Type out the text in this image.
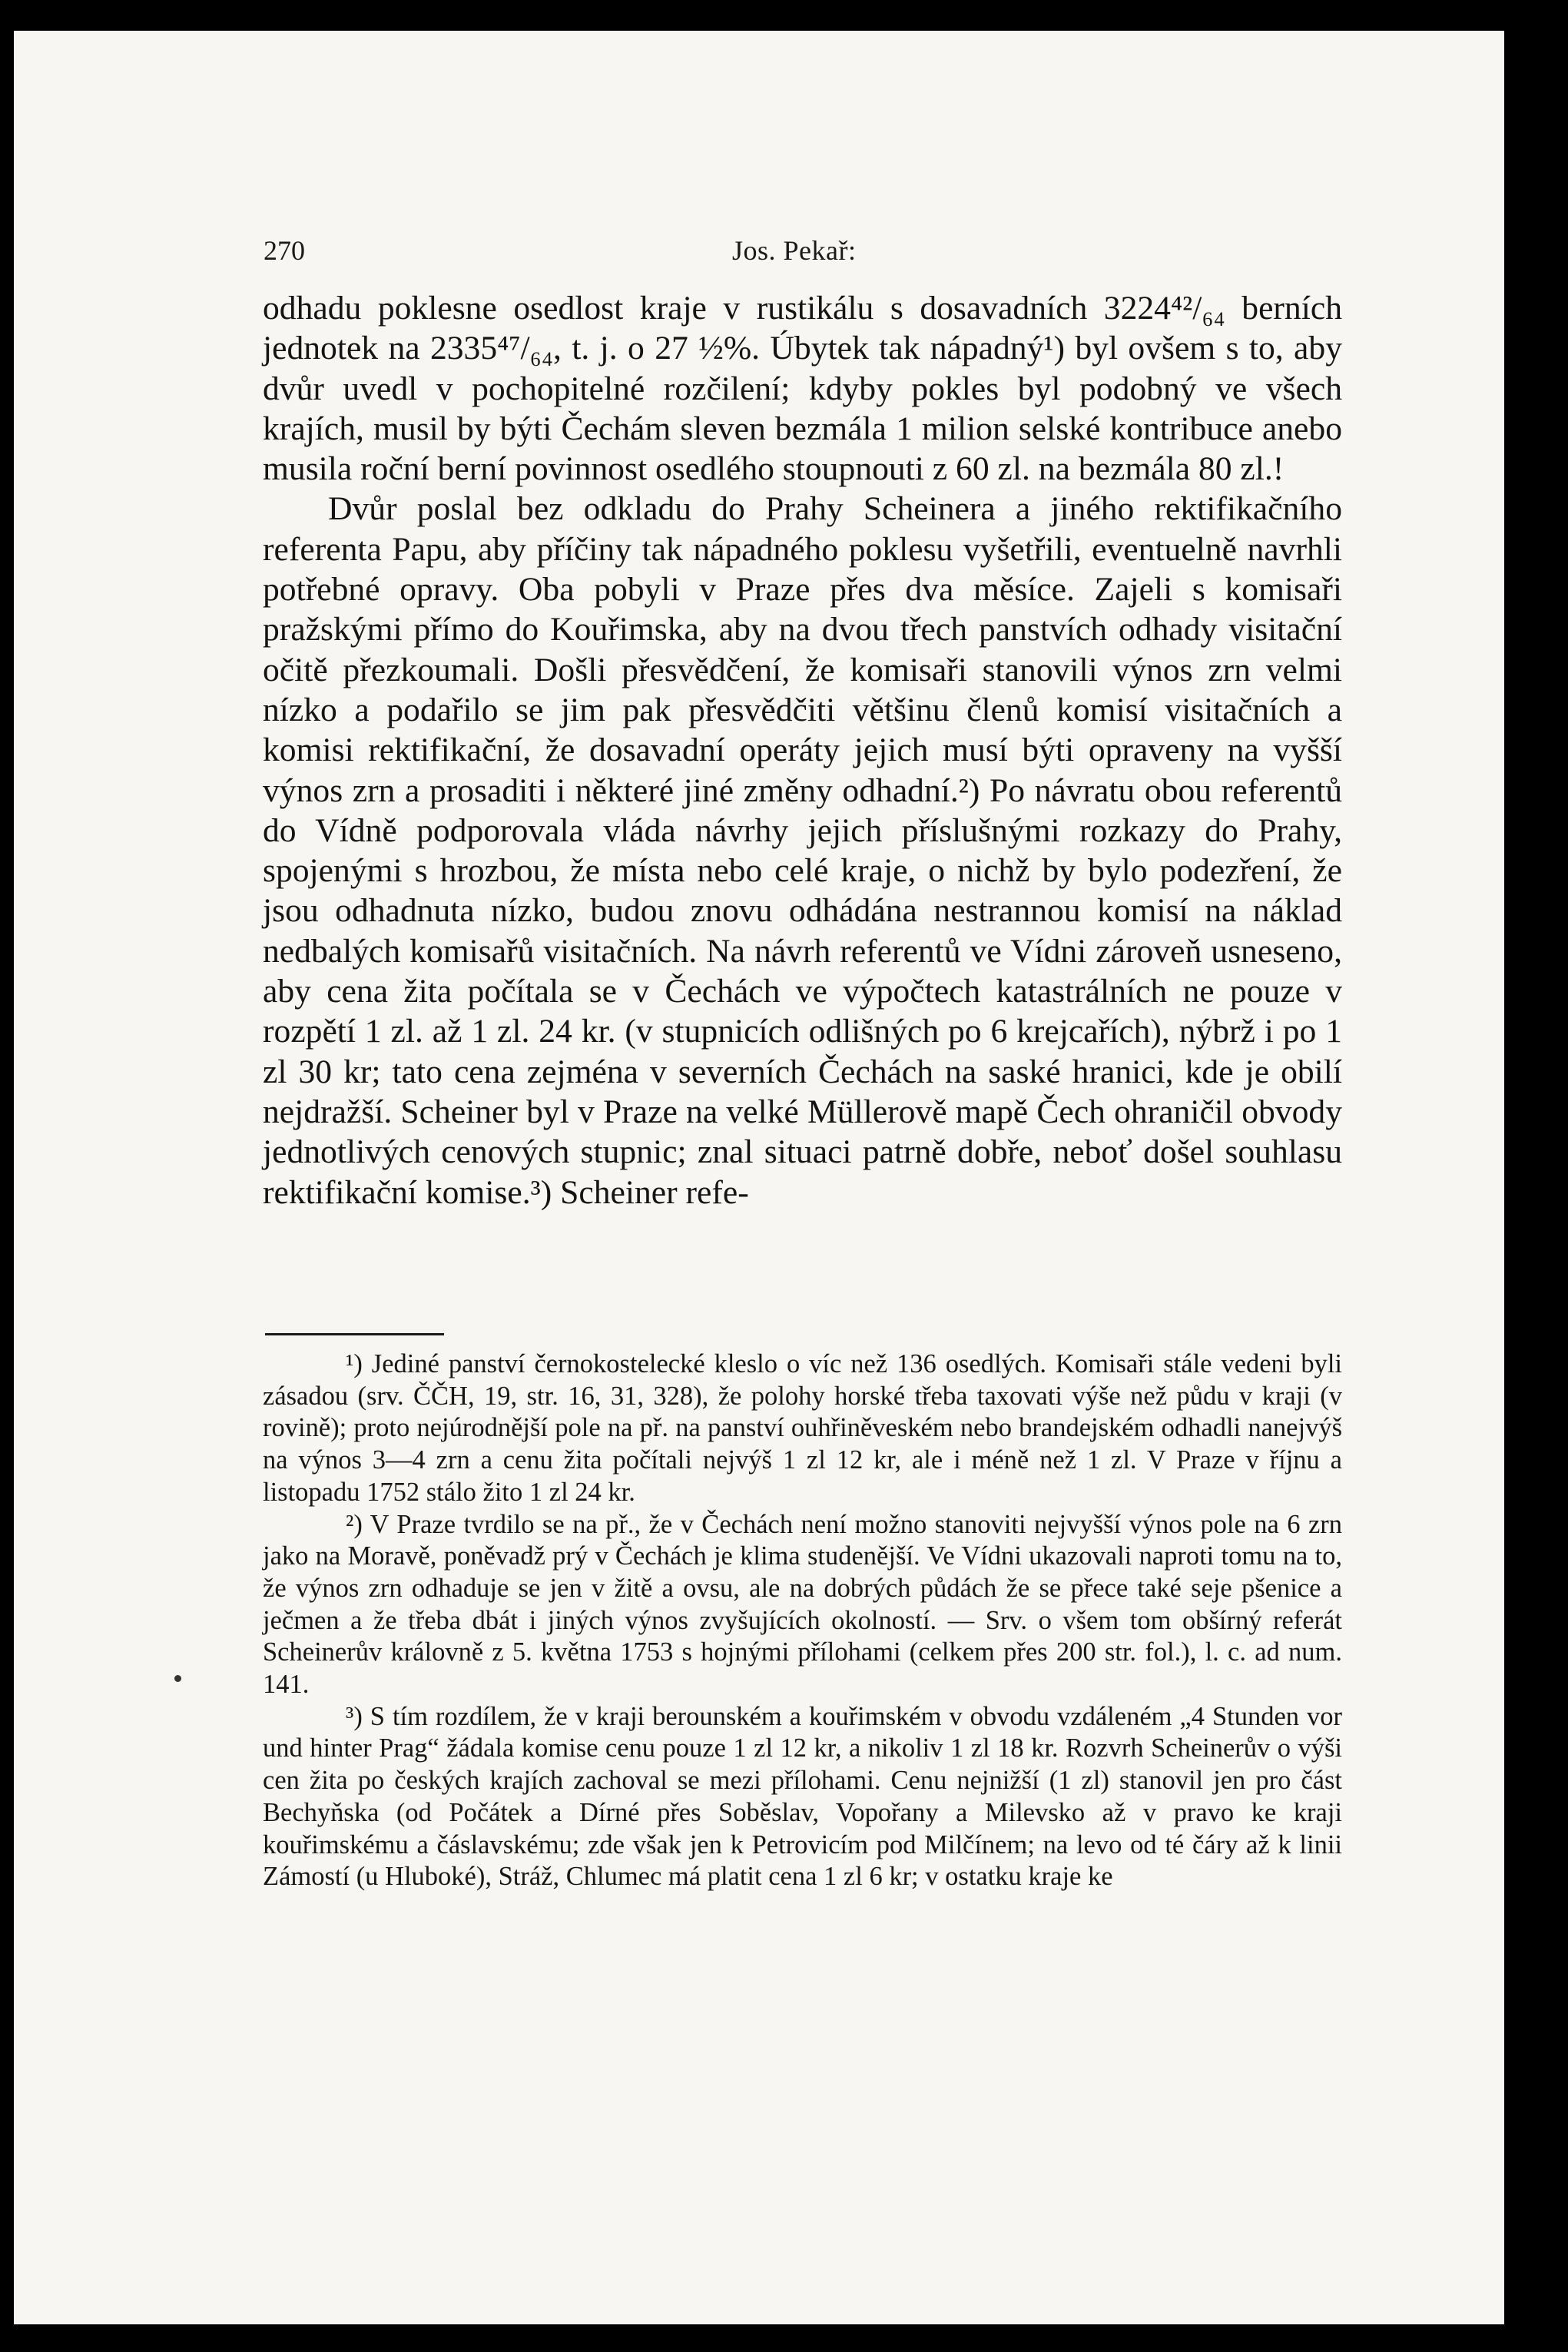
270	Jos. Pekař:

odhadu poklesne osedlost kraje v rustikálu s dosavadních 3224⁴²/₆₄ berních jednotek na 2335⁴⁷/₆₄, t. j. o 27 ½%. Úbytek tak nápadný¹) byl ovšem s to, aby dvůr uvedl v pochopitelné rozčilení; kdyby pokles byl podobný ve všech krajích, musil by býti Čechám sleven bezmála 1 milion selské kontribuce anebo musila roční berní povinnost osedlého stoupnouti z 60 zl. na bezmála 80 zl.!

Dvůr poslal bez odkladu do Prahy Scheinera a jiného rektifikačního referenta Papu, aby příčiny tak nápadného poklesu vyšetřili, eventuelně navrhli potřebné opravy. Oba pobyli v Praze přes dva měsíce. Zajeli s komisaři pražskými přímo do Kouřimska, aby na dvou třech panstvích odhady visitační očitě přezkoumali. Došli přesvědčení, že komisaři stanovili výnos zrn velmi nízko a podařilo se jim pak přesvědčiti většinu členů komisí visitačních a komisi rektifikační, že dosavadní operáty jejich musí býti opraveny na vyšší výnos zrn a prosaditi i některé jiné změny odhadní.²) Po návratu obou referentů do Vídně podporovala vláda návrhy jejich příslušnými rozkazy do Prahy, spojenými s hrozbou, že místa nebo celé kraje, o nichž by bylo podezření, že jsou odhadnuta nízko, budou znovu odhádána nestrannou komisí na náklad nedbalých komisařů visitačních. Na návrh referentů ve Vídni zároveň usneseno, aby cena žita počítala se v Čechách ve výpočtech katastrálních ne pouze v rozpětí 1 zl. až 1 zl. 24 kr. (v stupnicích odlišných po 6 krejcařích), nýbrž i po 1 zl 30 kr; tato cena zejména v severních Čechách na saské hranici, kde je obilí nejdražší. Scheiner byl v Praze na velké Müllerově mapě Čech ohraničil obvody jednotlivých cenových stupnic; znal situaci patrně dobře, neboť došel souhlasu rektifikační komise.³) Scheiner refe-

¹) Jediné panství černokostelecké kleslo o víc než 136 osedlých. Komisaři stále vedeni byli zásadou (srv. ČČH, 19, str. 16, 31, 328), že polohy horské třeba taxovati výše než půdu v kraji (v rovině); proto nejúrodnější pole na př. na panství ouhřiněveském nebo brandejském odhadli nanejvýš na výnos 3—4 zrn a cenu žita počítali nejvýš 1 zl 12 kr, ale i méně než 1 zl. V Praze v říjnu a listopadu 1752 stálo žito 1 zl 24 kr.

²) V Praze tvrdilo se na př., že v Čechách není možno stanoviti nejvyšší výnos pole na 6 zrn jako na Moravě, poněvadž prý v Čechách je klima studenější. Ve Vídni ukazovali naproti tomu na to, že výnos zrn odhaduje se jen v žitě a ovsu, ale na dobrých půdách že se přece také seje pšenice a ječmen a že třeba dbát i jiných výnos zvyšujících okolností. — Srv. o všem tom obšírný referát Scheinerův královně z 5. května 1753 s hojnými přílohami (celkem přes 200 str. fol.), l. c. ad num. 141.

³) S tím rozdílem, že v kraji berounském a kouřimském v obvodu vzdáleném „4 Stunden vor und hinter Prag“ žádala komise cenu pouze 1 zl 12 kr, a nikoliv 1 zl 18 kr. Rozvrh Scheinerův o výši cen žita po českých krajích zachoval se mezi přílohami. Cenu nejnižší (1 zl) stanovil jen pro část Bechyňska (od Počátek a Dírné přes Soběslav, Vopořany a Milevsko až v pravo ke kraji kouřimskému a čáslavskému; zde však jen k Petrovicím pod Milčínem; na levo od té čáry až k linii Zámostí (u Hluboké), Stráž, Chlumec má platit cena 1 zl 6 kr; v ostatku kraje ke
